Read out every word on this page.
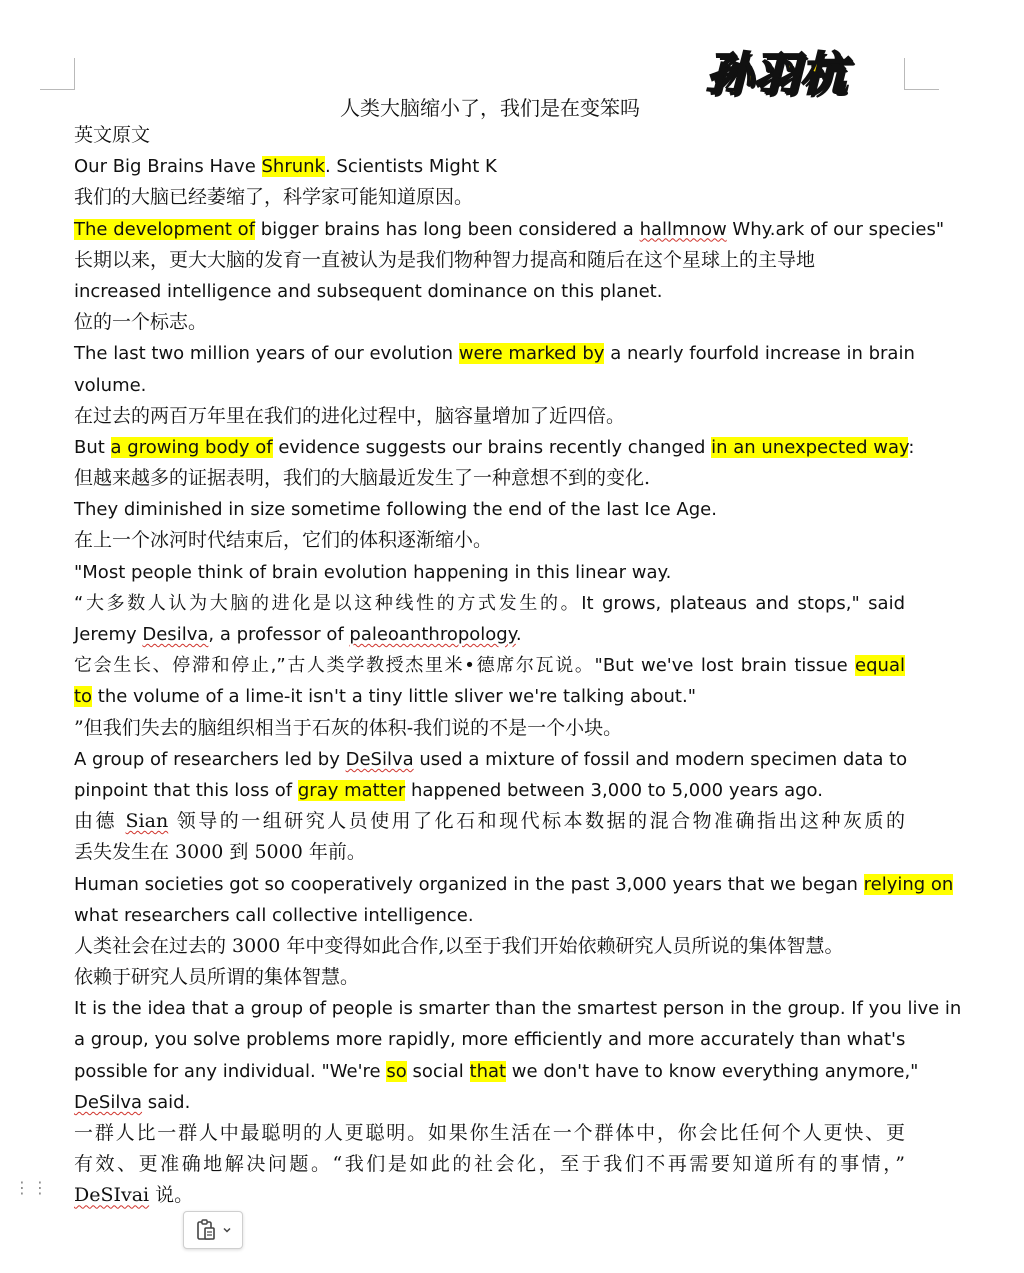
孙羽杭
人类大脑缩小了，我们是在变笨吗
英文原文
Our Big Brains Have Shrunk. Scientists Might K
我们的大脑已经萎缩了，科学家可能知道原因。
The development of bigger brains has long been considered a hallmnow Why.ark of our species"
长期以来，更大大脑的发育一直被认为是我们物种智力提高和随后在这个星球上的主导地
increased intelligence and subsequent dominance on this planet.
位的一个标志。
The last two million years of our evolution were marked by a nearly fourfold increase in brain
volume.
在过去的两百万年里在我们的进化过程中，脑容量增加了近四倍。
But a growing body of evidence suggests our brains recently changed in an unexpected way:
但越来越多的证据表明，我们的大脑最近发生了一种意想不到的变化.
They diminished in size sometime following the end of the last Ice Age.
在上一个冰河时代结束后，它们的体积逐渐缩小。
"Most people think of brain evolution happening in this linear way.
“大多数人认为大脑的进化是以这种线性的方式发生的。It grows, plateaus and stops," said
Jeremy Desilva, a professor of paleoanthropology.
它会生长、停滞和停止,”古人类学教授杰里米•德席尔瓦说。"But we've lost brain tissue equal
to the volume of a lime-it isn't a tiny little sliver we're talking about."
”但我们失去的脑组织相当于石灰的体积-我们说的不是一个小块。
A group of researchers led by DeSilva used a mixture of fossil and modern specimen data to
pinpoint that this loss of gray matter happened between 3,000 to 5,000 years ago.
由德 Sian 领导的一组研究人员使用了化石和现代标本数据的混合物准确指出这种灰质的
丢失发生在 3000 到 5000 年前。
Human societies got so cooperatively organized in the past 3,000 years that we began relying on
what researchers call collective intelligence.
人类社会在过去的 3000 年中变得如此合作,以至于我们开始依赖研究人员所说的集体智慧。
依赖于研究人员所谓的集体智慧。
It is the idea that a group of people is smarter than the smartest person in the group. If you live in
a group, you solve problems more rapidly, more efficiently and more accurately than what's
possible for any individual. "We're so social that we don't have to know everything anymore,"
DeSilva said.
一群人比一群人中最聪明的人更聪明。如果你生活在一个群体中，你会比任何个人更快、更
有效、更准确地解决问题。“我们是如此的社会化，至于我们不再需要知道所有的事情，”
DeSIvai 说。
⋮⋮
